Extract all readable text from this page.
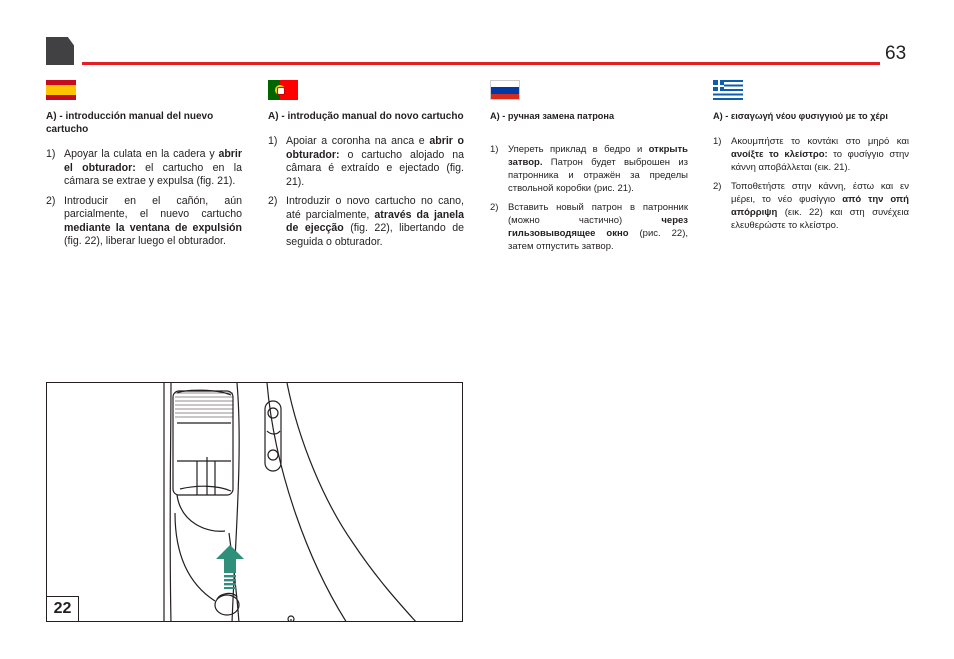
63

A) - introducción manual del nuevo cartucho

1) Apoyar la culata en la cadera y abrir el obturador: el cartucho en la cámara se extrae y expulsa (fig. 21).
2) Introducir en el cañón, aún parcialmente, el nuevo cartucho mediante la ventana de expulsión (fig. 22), liberar luego el obturador.

A) - introdução manual do novo cartucho

1) Apoiar a coronha na anca e abrir o obturador: o cartucho alojado na câmara é extraído e ejectado (fig. 21).
2) Introduzir o novo cartucho no cano, até parcialmente, através da janela de ejecção (fig. 22), libertando de seguida o obturador.

А) - ручная замена патрона

1)	Упереть приклад в бедро и открыть затвор. Патрон будет выброшен из патронника и отражён за пределы ствольной коробки (рис. 21).
2)	Вставить новый патрон в патронник (можно частично) через гильзовыводящее окно (рис. 22), затем отпустить затвор.

A) - εισαγωγή νέου φυσιγγιού με το χέρι

1)	Ακουμπήστε το κοντάκι στο μηρό και ανοίξτε το κλείστρο: το φυσίγγιο στην κάννη αποβάλλεται (εικ. 21).
2)	Τοποθετήστε στην κάννη, έστω και εν μέρει, το νέο φυσίγγιο από την οπή απόρριψη (εικ. 22) και στη συνέχεια ελευθερώστε το κλείστρο.
22
